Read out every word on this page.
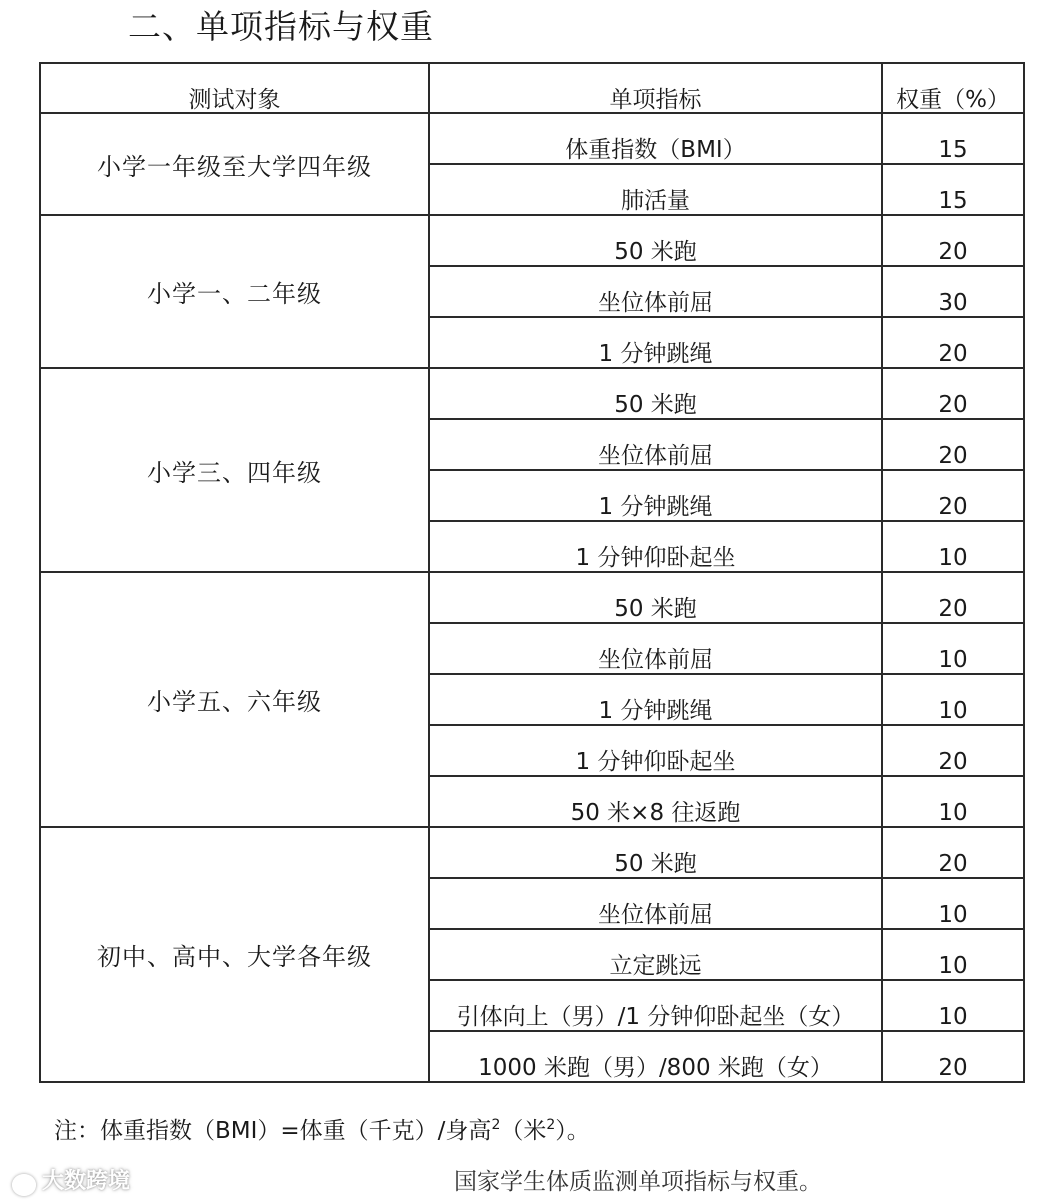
二、单项指标与权重
测试对象	单项指标	权重（%）
小学一年级至大学四年级	体重指数（BMI）	15
	肺活量	15
小学一、二年级	50 米跑	20
	坐位体前屈	30
	1 分钟跳绳	20
小学三、四年级	50 米跑	20
	坐位体前屈	20
	1 分钟跳绳	20
	1 分钟仰卧起坐	10
小学五、六年级	50 米跑	20
	坐位体前屈	10
	1 分钟跳绳	10
	1 分钟仰卧起坐	20
	50 米×8 往返跑	10
初中、高中、大学各年级	50 米跑	20
	坐位体前屈	10
	立定跳远	10
	引体向上（男）/1 分钟仰卧起坐（女）	10
	1000 米跑（男）/800 米跑（女）	20
注：体重指数（BMI）=体重（千克）/身高$^2$（米$^2$）。
大数跨境	国家学生体质监测单项指标与权重。
